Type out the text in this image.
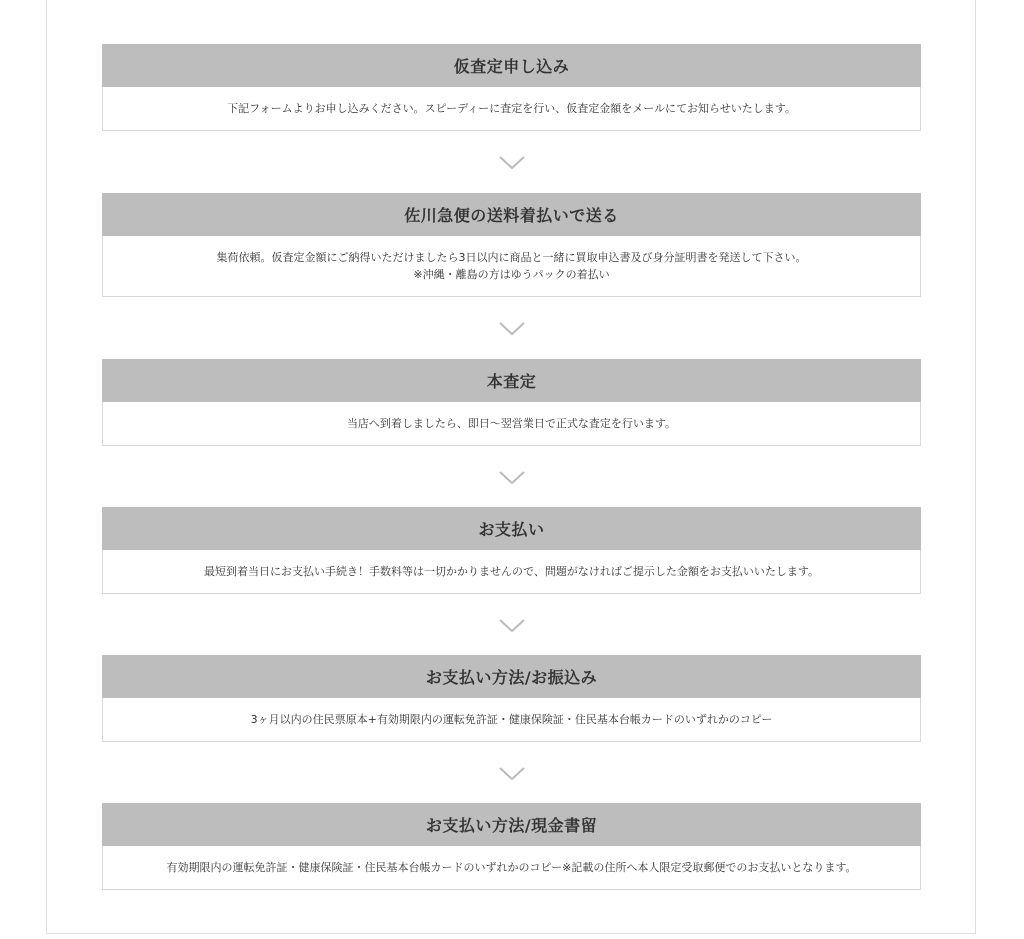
仮査定申し込み
下記フォームよりお申し込みください。スピーディーに査定を行い、仮査定金額をメールにてお知らせいたします。
佐川急便の送料着払いで送る
集荷依頼。仮査定金額にご納得いただけましたら3日以内に商品と一緒に買取申込書及び身分証明書を発送して下さい。
※沖縄・離島の方はゆうパックの着払い
本査定
当店へ到着しましたら、即日～翌営業日で正式な査定を行います。
お支払い
最短到着当日にお支払い手続き！手数料等は一切かかりませんので、問題がなければご提示した金額をお支払いいたします。
お支払い方法/お振込み
3ヶ月以内の住民票原本+有効期限内の運転免許証・健康保険証・住民基本台帳カードのいずれかのコピー
お支払い方法/現金書留
有効期限内の運転免許証・健康保険証・住民基本台帳カードのいずれかのコピー※記載の住所へ本人限定受取郵便でのお支払いとなります。
